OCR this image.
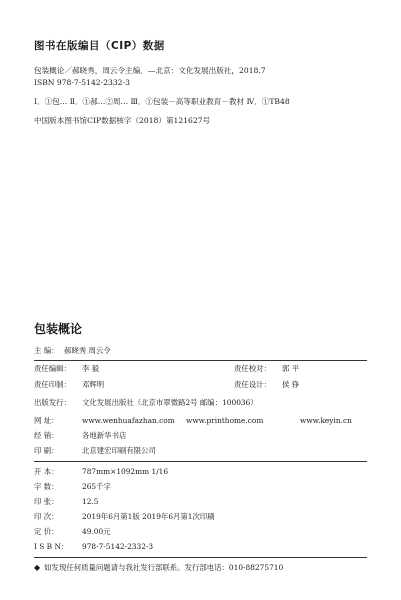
图书在版编目（CIP）数据
包装概论／郝晓秀，周云令主编．—北京：文化发展出版社，2018.7
ISBN 978-7-5142-2332-3
Ⅰ．①包… Ⅱ．①郝…②周… Ⅲ．①包装－高等职业教育－教材 Ⅳ．①TB48
中国版本图书馆CIP数据核字（2018）第121627号
包装概论
主 编： 郝晓秀 周云令
责任编辑： 李 毅	责任校对： 郭 平
责任印制： 邓辉明	责任设计： 侯 铮
出版发行： 文化发展出版社（北京市翠微路2号 邮编：100036）
网 址：	www.wenhuafazhan.com www.printhome.com	www.keyin.cn
经 销：	各地新华书店
印 刷：	北京建宏印刷有限公司
开 本：	787mm×1092mm 1/16
字 数：	265千字
印 张：	12.5
印 次：	2019年6月第1版 2019年6月第1次印刷
定 价：	49.00元
I S B N： 978-7-5142-2332-3
◆ 如发现任何质量问题请与我社发行部联系。发行部电话：010-88275710
